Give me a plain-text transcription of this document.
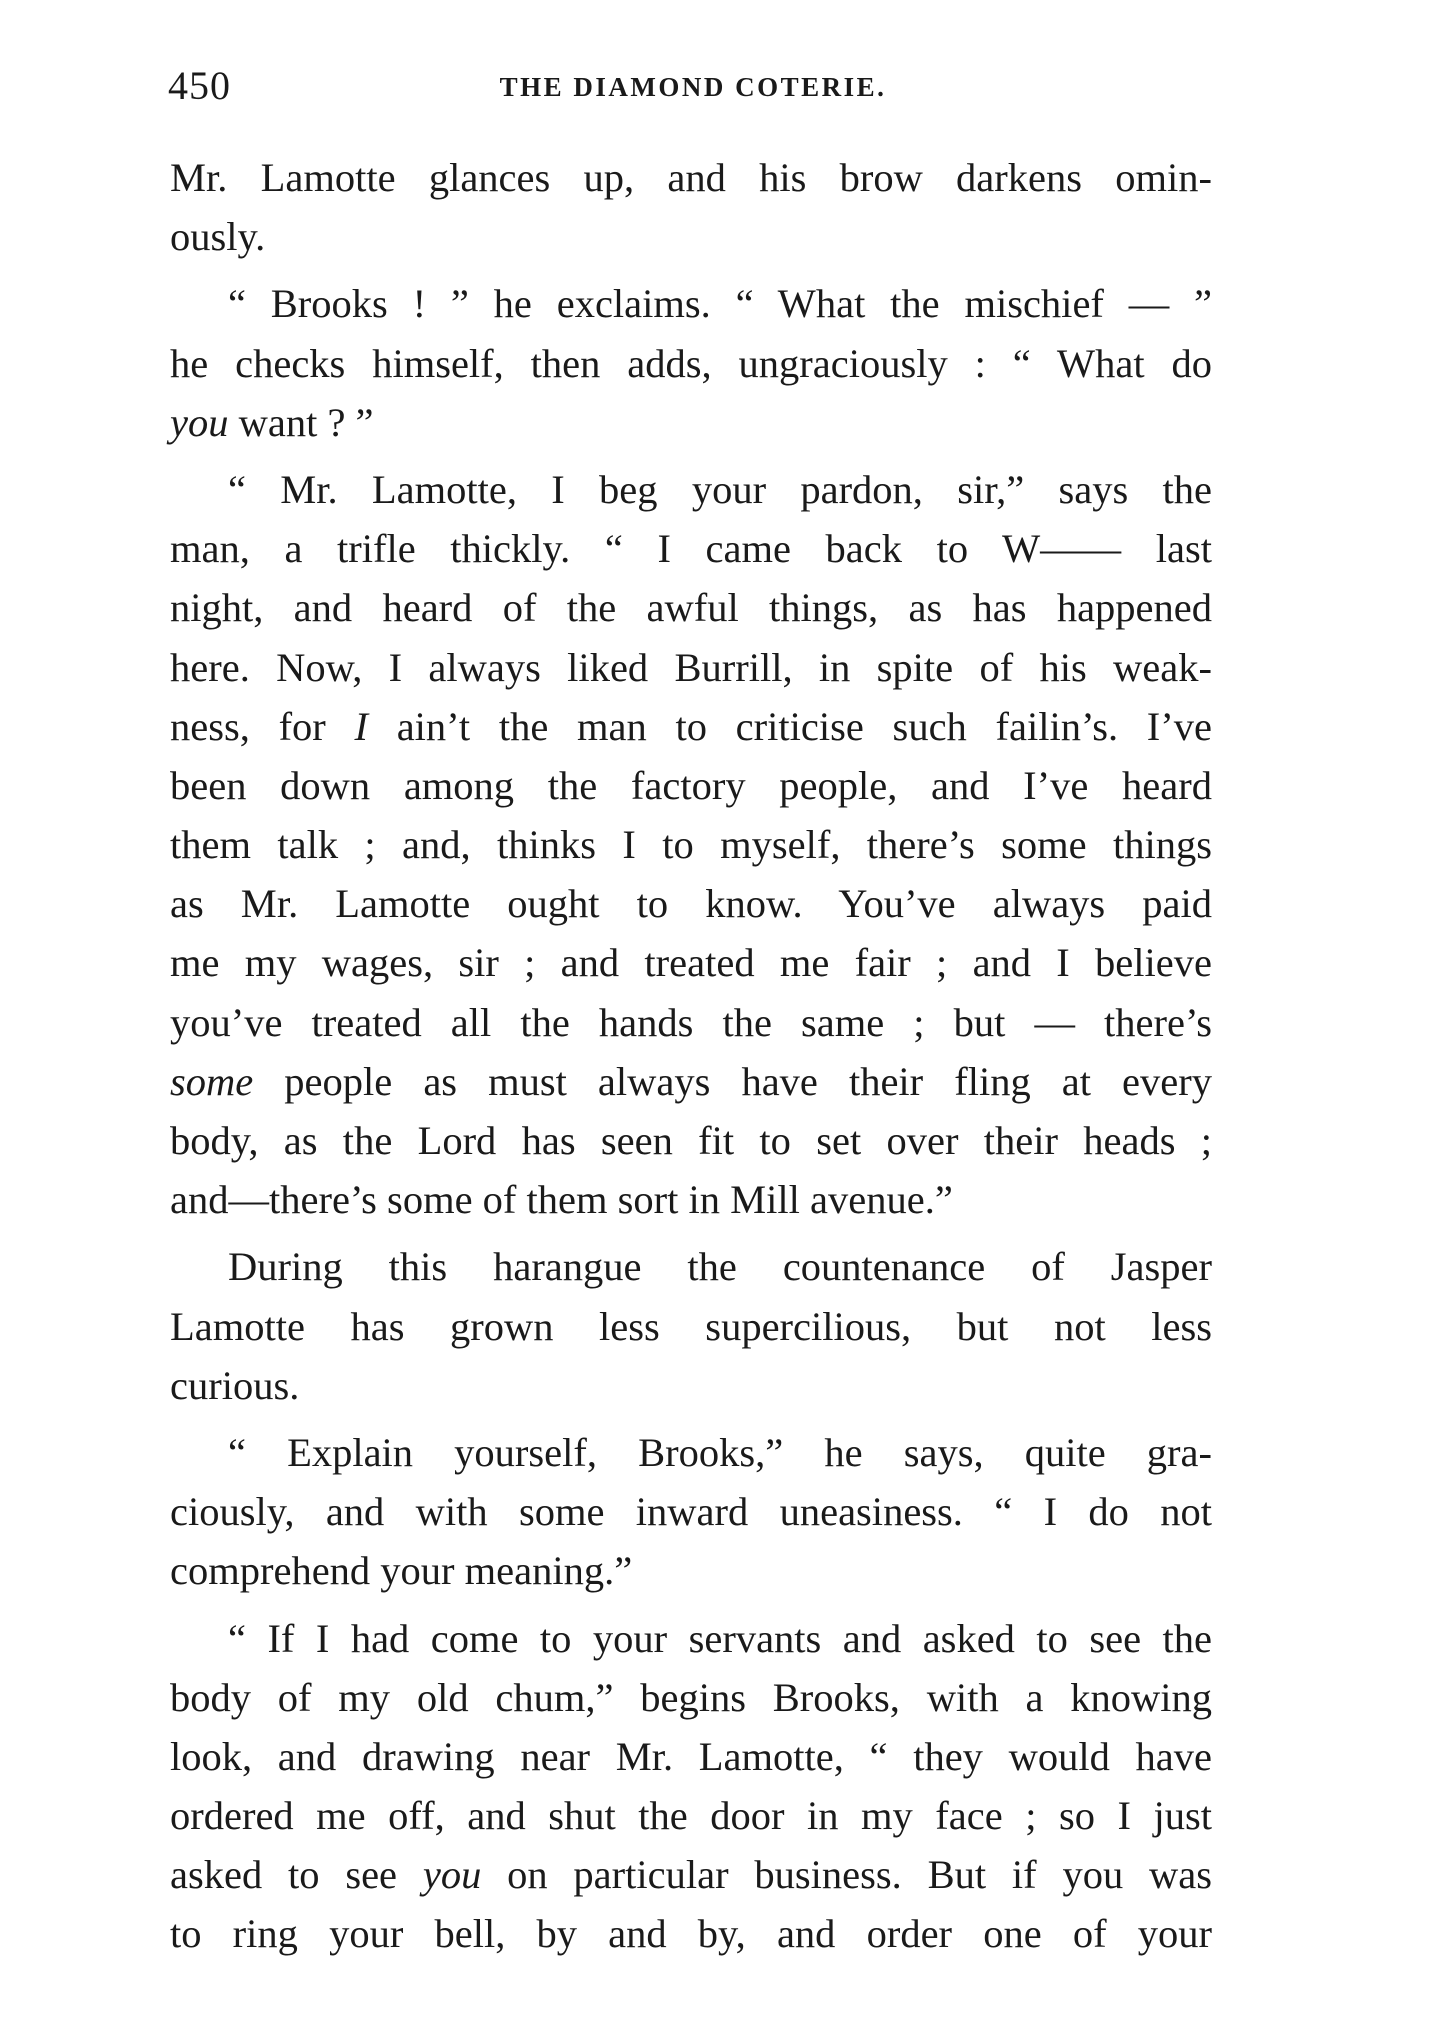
450	THE DIAMOND COTERIE.
Mr. Lamotte glances up, and his brow darkens omin-
ously.
“ Brooks ! ” he exclaims. “ What the mischief — ”
he checks himself, then adds, ungraciously : “ What do
you want ? ”
“ Mr. Lamotte, I beg your pardon, sir,” says the
man, a trifle thickly. “ I came back to W—— last
night, and heard of the awful things, as has happened
here. Now, I always liked Burrill, in spite of his weak-
ness, for I ain’t the man to criticise such failin’s. I’ve
been down among the factory people, and I’ve heard
them talk ; and, thinks I to myself, there’s some things
as Mr. Lamotte ought to know. You’ve always paid
me my wages, sir ; and treated me fair ; and I believe
you’ve treated all the hands the same ; but — there’s
some people as must always have their fling at every
body, as the Lord has seen fit to set over their heads ;
and—there’s some of them sort in Mill avenue.”
During this harangue the countenance of Jasper
Lamotte has grown less supercilious, but not less
curious.
“ Explain yourself, Brooks,” he says, quite gra-
ciously, and with some inward uneasiness. “ I do not
comprehend your meaning.”
“ If I had come to your servants and asked to see the
body of my old chum,” begins Brooks, with a knowing
look, and drawing near Mr. Lamotte, “ they would have
ordered me off, and shut the door in my face ; so I just
asked to see you on particular business. But if you was
to ring your bell, by and by, and order one of your
